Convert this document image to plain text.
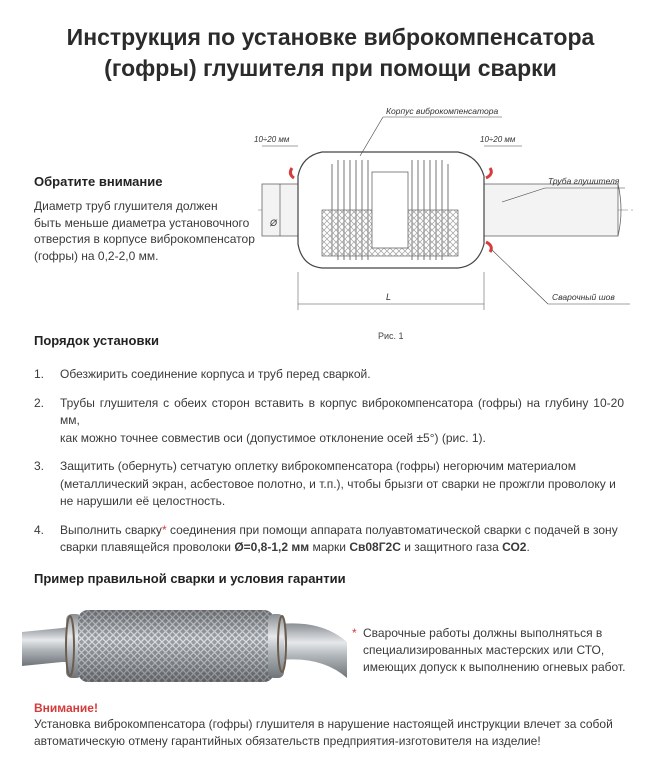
Инструкция по установке виброкомпенсатора
(гофры) глушителя при помощи сварки
Обратите внимание
Диаметр труб глушителя должен
быть меньше диаметра установочного
отверстия в корпусе виброкомпенсатор
(гофры) на 0,2-2,0 мм.
10÷20 мм	10÷20 мм
Ø
L
Корпус виброкомпенсатора
Труба глушителя
Сварочный шов
Рис. 1
Порядок установки
1. Обезжирить соединение корпуса и труб перед сваркой.
2. Трубы глушителя с обеих сторон вставить в корпус виброкомпенсатора (гофры) на глубину 10-20 мм,
как можно точнее совместив оси (допустимое отклонение осей ±5°) (рис. 1).
3. Защитить (обернуть) сетчатую оплетку виброкомпенсатора (гофры) негорючим материалом
(металлический экран, асбестовое полотно, и т.п.), чтобы брызги от сварки не прожгли проволоку и
не нарушили её целостность.
4. Выполнить сварку* соединения при помощи аппарата полуавтоматической сварки с подачей в зону
сварки плавящейся проволоки Ø=0,8-1,2 мм марки Св08Г2С и защитного газа СО2.
Пример правильной сварки и условия гарантии
* Сварочные работы должны выполняться в
специализированных мастерских или СТО,
имеющих допуск к выполнению огневых работ.
Внимание!
Установка виброкомпенсатора (гофры) глушителя в нарушение настоящей инструкции влечет за собой
автоматическую отмену гарантийных обязательств предприятия-изготовителя на изделие!
